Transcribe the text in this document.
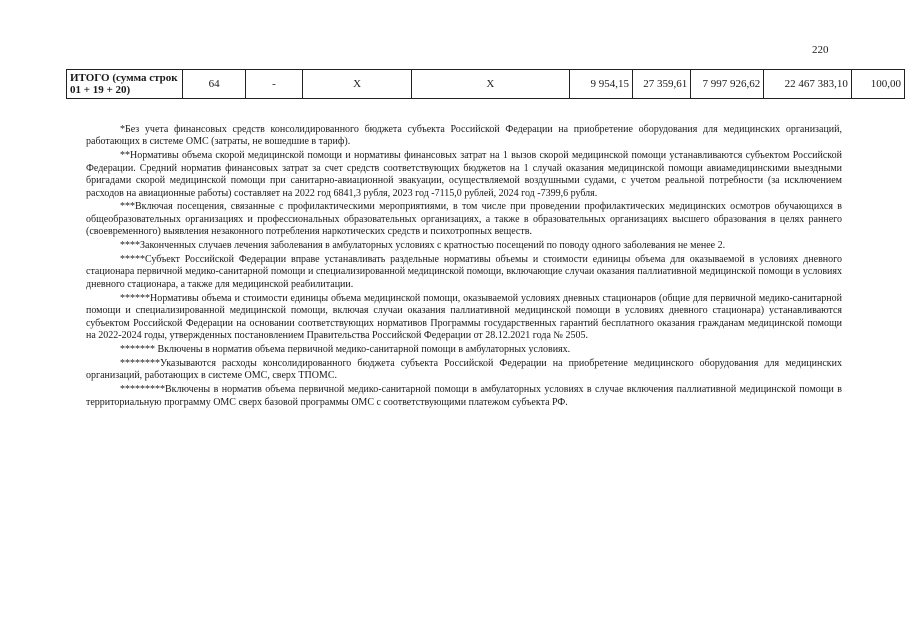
220
ИТОГО (сумма строк 01 + 19 + 20)	64	-	X	X	9 954,15	27 359,61	7 997 926,62	22 467 383,10	100,00

*Без учета финансовых средств консолидированного бюджета субъекта Российской Федерации на приобретение оборудования для медицинских организаций, работающих в системе ОМС (затраты, не вошедшие в тариф).

**Нормативы объема скорой медицинской помощи и нормативы финансовых затрат на 1 вызов скорой медицинской помощи устанавливаются субъектом Российской Федерации. Средний норматив финансовых затрат за счет средств соответствующих бюджетов на 1 случай оказания медицинской помощи авиамедицинскими выездными бригадами скорой медицинской помощи при санитарно-авиационной эвакуации, осуществляемой воздушными судами, с учетом реальной потребности (за исключением расходов на авиационные работы) составляет на 2022 год 6841,3 рубля, 2023 год -7115,0 рублей, 2024 год -7399,6 рубля.

***Включая посещения, связанные с профилактическими мероприятиями, в том числе при проведении профилактических медицинских осмотров обучающихся в общеобразовательных организациях и профессиональных образовательных организациях, а также в образовательных организациях высшего образования в целях раннего (своевременного) выявления незаконного потребления наркотических средств и психотропных веществ.

****Законченных случаев лечения заболевания в амбулаторных условиях с кратностью посещений по поводу одного заболевания не менее 2.

*****Субъект Российской Федерации вправе устанавливать раздельные нормативы объемы и стоимости единицы объема для оказываемой в условиях дневного стационара первичной медико-санитарной помощи и специализированной медицинской помощи, включающие случаи оказания паллиативной медицинской помощи в условиях дневного стационара, а также для медицинской реабилитации.

******Нормативы объема и стоимости единицы объема медицинской помощи, оказываемой условиях дневных стационаров (общие для первичной медико-санитарной помощи и специализированной медицинской помощи, включая случаи оказания паллиативной медицинской помощи в условиях дневного стационара) устанавливаются субъектом Российской Федерации на основании соответствующих нормативов Программы государственных гарантий бесплатного оказания гражданам медицинской помощи на 2022-2024 годы, утвержденных постановлением Правительства Российской Федерации от 28.12.2021 года № 2505.

******* Включены в норматив объема первичной медико-санитарной помощи в амбулаторных условиях.

********Указываются расходы консолидированного бюджета субъекта Российской Федерации на приобретение медицинского оборудования для медицинских организаций, работающих в системе ОМС, сверх ТПОМС.

*********Включены в норматив объема первичной медико-санитарной помощи в амбулаторных условиях в случае включения паллиативной медицинской помощи в территориальную программу ОМС сверх базовой программы ОМС с соответствующими платежом субъекта РФ.
